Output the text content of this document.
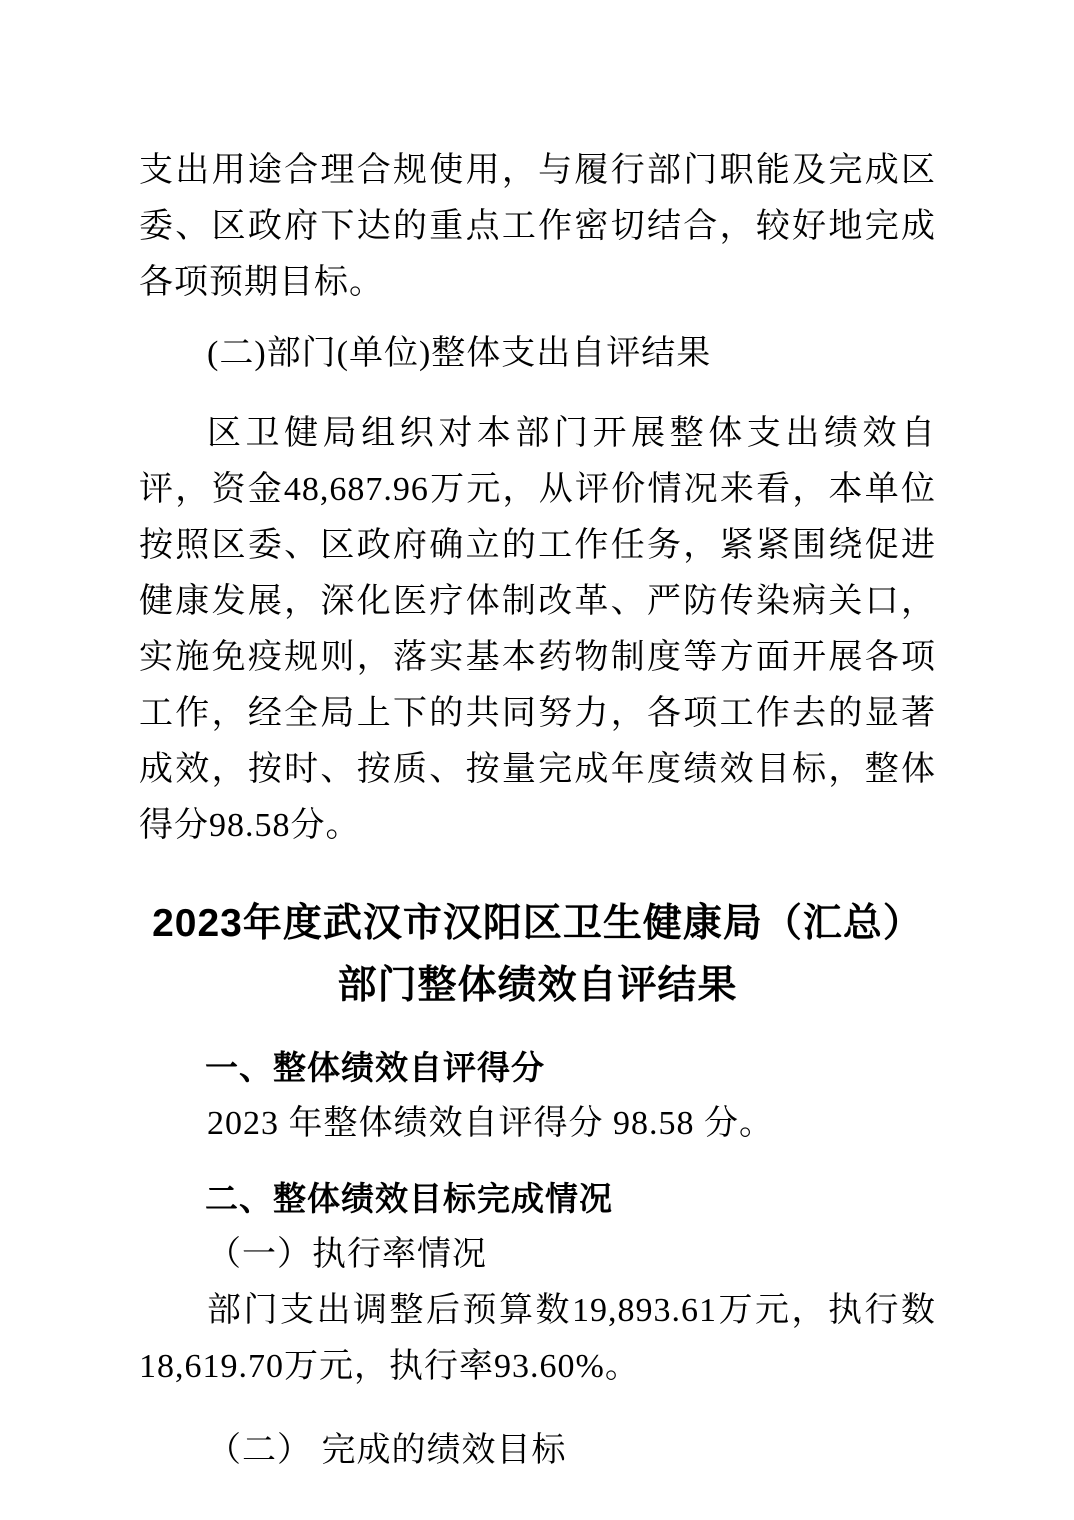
支出用途合理合规使用，与履行部门职能及完成区委、区政府下达的重点工作密切结合，较好地完成各项预期目标。

(二)部门(单位)整体支出自评结果

区卫健局组织对本部门开展整体支出绩效自评，资金48,687.96万元，从评价情况来看，本单位按照区委、区政府确立的工作任务，紧紧围绕促进健康发展，深化医疗体制改革、严防传染病关口，实施免疫规则，落实基本药物制度等方面开展各项工作，经全局上下的共同努力，各项工作去的显著成效，按时、按质、按量完成年度绩效目标，整体得分98.58分。

2023年度武汉市汉阳区卫生健康局（汇总）部门整体绩效自评结果
一、整体绩效自评得分

2023 年整体绩效自评得分 98.58 分。

二、整体绩效目标完成情况

（一）执行率情况

部门支出调整后预算数19,893.61万元，执行数18,619.70万元，执行率93.60%。

（二） 完成的绩效目标
